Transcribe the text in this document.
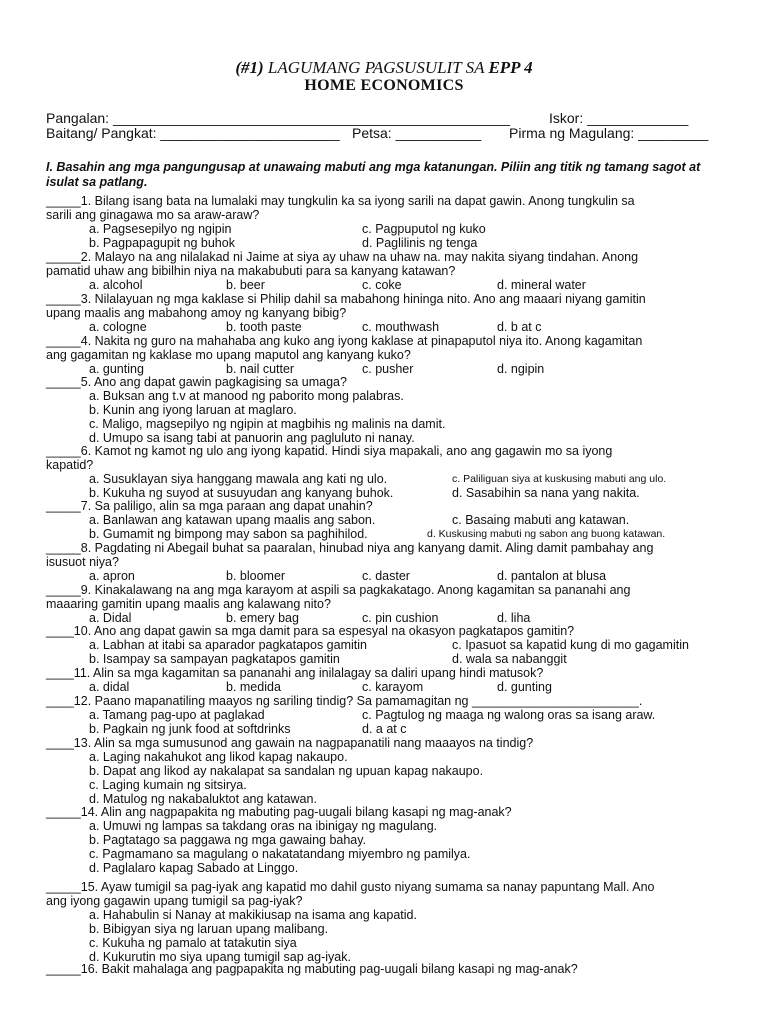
(#1) LAGUMANG PAGSUSULIT SA EPP 4
HOME ECONOMICS
Pangalan: ___________________________________________________	Iskor: _____________
Baitang/ Pangkat: _______________________ Petsa: ___________ Pirma ng Magulang: _________
I. Basahin ang mga pangungusap at unawaing mabuti ang mga katanungan. Piliin ang titik ng tamang sagot at isulat sa patlang.
_____1. Bilang isang bata na lumalaki may tungkulin ka sa iyong sarili na dapat gawin. Anong tungkulin sa
sarili ang ginagawa mo sa araw-araw?
a. Pagsesepilyo ng ngipin	c. Pagpuputol ng kuko
b. Pagpapagupit ng buhok	d. Paglilinis ng tenga
_____2. Malayo na ang nilalakad ni Jaime at siya ay uhaw na uhaw na. may nakita siyang tindahan. Anong
pamatid uhaw ang bibilhin niya na makabubuti para sa kanyang katawan?
a. alcohol	b. beer	c. coke	d. mineral water
_____3. Nilalayuan ng mga kaklase si Philip dahil sa mabahong hininga nito. Ano ang maaari niyang gamitin
upang maalis ang mabahong amoy ng kanyang bibig?
a. cologne	b. tooth paste	c. mouthwash	d. b at c
_____4. Nakita ng guro na mahahaba ang kuko ang iyong kaklase at pinapaputol niya ito. Anong kagamitan
ang gagamitan ng kaklase mo upang maputol ang kanyang kuko?
a. gunting	b. nail cutter	c. pusher	d. ngipin
_____5. Ano ang dapat gawin pagkagising sa umaga?
a. Buksan ang t.v at manood ng paborito mong palabras.
b. Kunin ang iyong laruan at maglaro.
c. Maligo, magsepilyo ng ngipin at magbihis ng malinis na damit.
d. Umupo sa isang tabi at panuorin ang pagluluto ni nanay.
_____6. Kamot ng kamot ng ulo ang iyong kapatid. Hindi siya mapakali, ano ang gagawin mo sa iyong
kapatid?
a. Susuklayan siya hanggang mawala ang kati ng ulo.	c. Paliliguan siya at kuskusing mabuti ang ulo.
b. Kukuha ng suyod at susuyudan ang kanyang buhok.	d. Sasabihin sa nana yang nakita.
_____7. Sa paliligo, alin sa mga paraan ang dapat unahin?
a. Banlawan ang katawan upang maalis ang sabon.	c. Basaing mabuti ang katawan.
b. Gumamit ng bimpong may sabon sa paghihilod.	d. Kuskusing mabuti ng sabon ang buong katawan.
_____8. Pagdating ni Abegail buhat sa paaralan, hinubad niya ang kanyang damit. Aling damit pambahay ang
isusuot niya?
a. apron	b. bloomer	c. daster	d. pantalon at blusa
_____9. Kinakalawang na ang mga karayom at aspili sa pagkakatago. Anong kagamitan sa pananahi ang
maaaring gamitin upang maalis ang kalawang nito?
a. Didal	b. emery bag	c. pin cushion	d. liha
____10. Ano ang dapat gawin sa mga damit para sa espesyal na okasyon pagkatapos gamitin?
a. Labhan at itabi sa aparador pagkatapos gamitin	c. Ipasuot sa kapatid kung di mo gagamitin
b. Isampay sa sampayan pagkatapos gamitin	d. wala sa nabanggit
____11. Alin sa mga kagamitan sa pananahi ang inilalagay sa daliri upang hindi matusok?
a. didal	b. medida	c. karayom	d. gunting
____12. Paano mapanatiling maayos ng sariling tindig? Sa pamamagitan ng ________________________.
a. Tamang pag-upo at paglakad	c. Pagtulog ng maaga ng walong oras sa isang araw.
b. Pagkain ng junk food at softdrinks	d. a at c
____13. Alin sa mga sumusunod ang gawain na nagpapanatili nang maaayos na tindig?
a. Laging nakahukot ang likod kapag nakaupo.
b. Dapat ang likod ay nakalapat sa sandalan ng upuan kapag nakaupo.
c. Laging kumain ng sitsirya.
d. Matulog ng nakabaluktot ang katawan.
_____14. Alin ang nagpapakita ng mabuting pag-uugali bilang kasapi ng mag-anak?
a. Umuwi ng lampas sa takdang oras na ibinigay ng magulang.
b. Pagtatago sa paggawa ng mga gawaing bahay.
c. Pagmamano sa magulang o nakatatandang miyembro ng pamilya.
d. Paglalaro kapag Sabado at Linggo.
_____15. Ayaw tumigil sa pag-iyak ang kapatid mo dahil gusto niyang sumama sa nanay papuntang Mall. Ano
ang iyong gagawin upang tumigil sa pag-iyak?
a. Hahabulin si Nanay at makikiusap na isama ang kapatid.
b. Bibigyan siya ng laruan upang malibang.
c. Kukuha ng pamalo at tatakutin siya
d. Kukurutin mo siya upang tumigil sap ag-iyak.
_____16. Bakit mahalaga ang pagpapakita ng mabuting pag-uugali bilang kasapi ng mag-anak?
